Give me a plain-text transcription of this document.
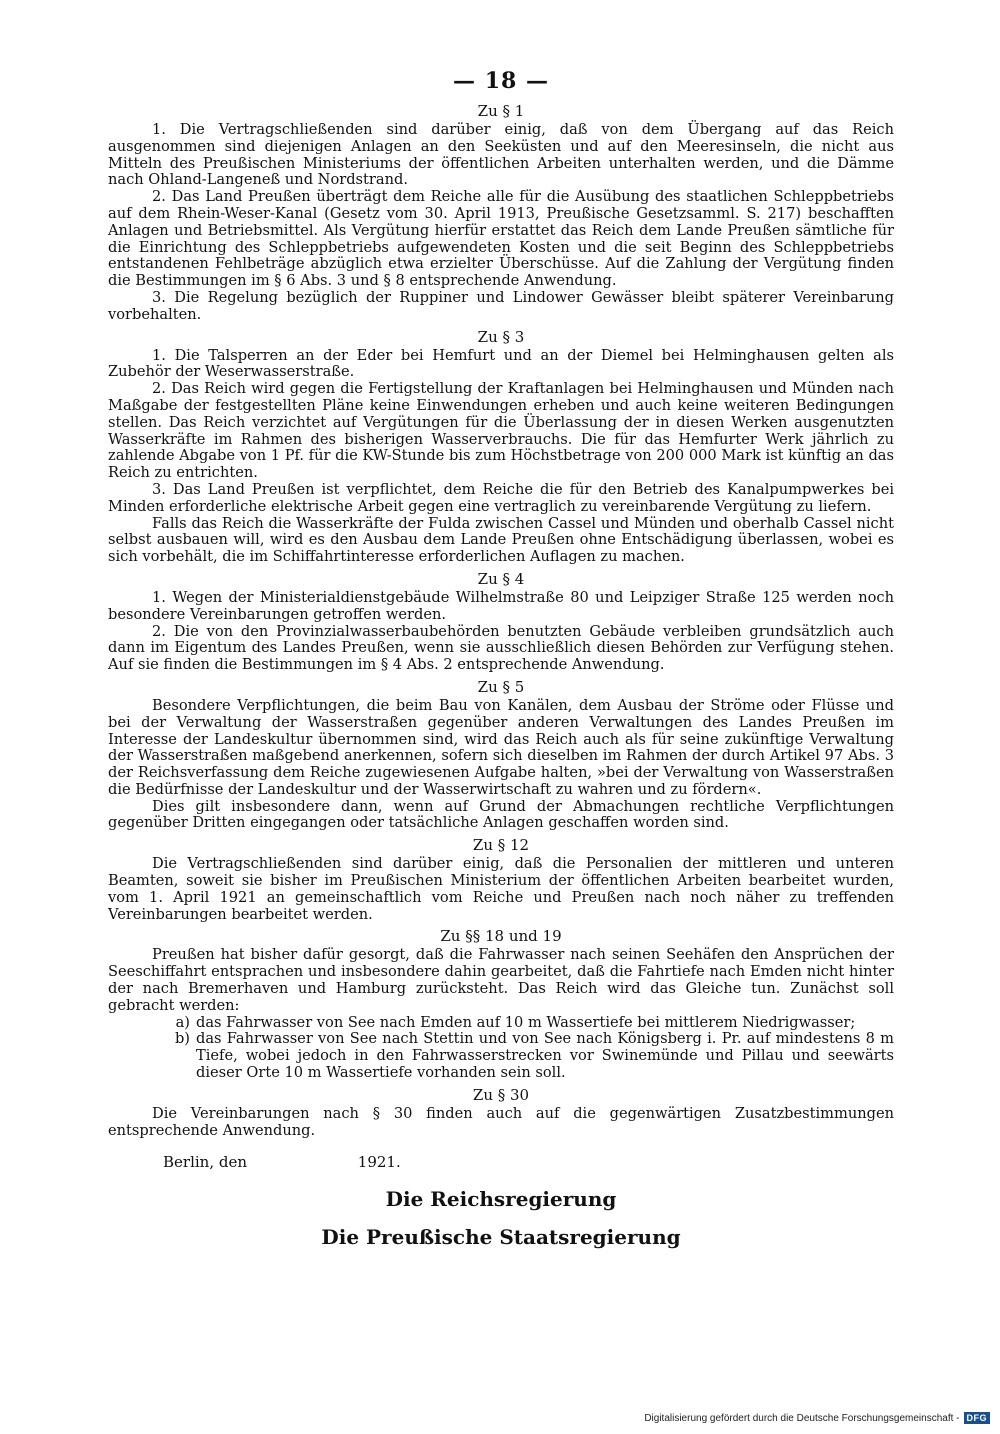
— 18 —
Zu § 1

1. Die Vertragschließenden sind darüber einig, daß von dem Übergang auf das Reich ausgenommen sind diejenigen Anlagen an den Seeküsten und auf den Meeresinseln, die nicht aus Mitteln des Preußischen Ministeriums der öffentlichen Arbeiten unterhalten werden, und die Dämme nach Ohland-Langeneß und Nordstrand.

2. Das Land Preußen überträgt dem Reiche alle für die Ausübung des staatlichen Schleppbetriebs auf dem Rhein-Weser-Kanal (Gesetz vom 30. April 1913, Preußische Gesetzsamml. S. 217) beschafften Anlagen und Betriebsmittel. Als Vergütung hierfür erstattet das Reich dem Lande Preußen sämtliche für die Einrichtung des Schleppbetriebs aufgewendeten Kosten und die seit Beginn des Schleppbetriebs entstandenen Fehlbeträge abzüglich etwa erzielter Überschüsse. Auf die Zahlung der Vergütung finden die Bestimmungen im § 6 Abs. 3 und § 8 entsprechende Anwendung.

3. Die Regelung bezüglich der Ruppiner und Lindower Gewässer bleibt späterer Vereinbarung vorbehalten.

Zu § 3

1. Die Talsperren an der Eder bei Hemfurt und an der Diemel bei Helminghausen gelten als Zubehör der Weserwasserstraße.

2. Das Reich wird gegen die Fertigstellung der Kraftanlagen bei Helminghausen und Münden nach Maßgabe der festgestellten Pläne keine Einwendungen erheben und auch keine weiteren Bedingungen stellen. Das Reich verzichtet auf Vergütungen für die Überlassung der in diesen Werken ausgenutzten Wasserkräfte im Rahmen des bisherigen Wasserverbrauchs. Die für das Hemfurter Werk jährlich zu zahlende Abgabe von 1 Pf. für die KW-Stunde bis zum Höchstbetrage von 200 000 Mark ist künftig an das Reich zu entrichten.

3. Das Land Preußen ist verpflichtet, dem Reiche die für den Betrieb des Kanalpumpwerkes bei Minden erforderliche elektrische Arbeit gegen eine vertraglich zu vereinbarende Vergütung zu liefern.

Falls das Reich die Wasserkräfte der Fulda zwischen Cassel und Münden und oberhalb Cassel nicht selbst ausbauen will, wird es den Ausbau dem Lande Preußen ohne Entschädigung überlassen, wobei es sich vorbehält, die im Schiffahrtinteresse erforderlichen Auflagen zu machen.

Zu § 4

1. Wegen der Ministerialdienstgebäude Wilhelmstraße 80 und Leipziger Straße 125 werden noch besondere Vereinbarungen getroffen werden.

2. Die von den Provinzialwasserbaubehörden benutzten Gebäude verbleiben grundsätzlich auch dann im Eigentum des Landes Preußen, wenn sie ausschließlich diesen Behörden zur Verfügung stehen. Auf sie finden die Bestimmungen im § 4 Abs. 2 entsprechende Anwendung.

Zu § 5

Besondere Verpflichtungen, die beim Bau von Kanälen, dem Ausbau der Ströme oder Flüsse und bei der Verwaltung der Wasserstraßen gegenüber anderen Verwaltungen des Landes Preußen im Interesse der Landeskultur übernommen sind, wird das Reich auch als für seine zukünftige Verwaltung der Wasserstraßen maßgebend anerkennen, sofern sich dieselben im Rahmen der durch Artikel 97 Abs. 3 der Reichsverfassung dem Reiche zugewiesenen Aufgabe halten, »bei der Verwaltung von Wasserstraßen die Bedürfnisse der Landeskultur und der Wasserwirtschaft zu wahren und zu fördern«.

Dies gilt insbesondere dann, wenn auf Grund der Abmachungen rechtliche Verpflichtungen gegenüber Dritten eingegangen oder tatsächliche Anlagen geschaffen worden sind.

Zu § 12

Die Vertragschließenden sind darüber einig, daß die Personalien der mittleren und unteren Beamten, soweit sie bisher im Preußischen Ministerium der öffentlichen Arbeiten bearbeitet wurden, vom 1. April 1921 an gemeinschaftlich vom Reiche und Preußen nach noch näher zu treffenden Vereinbarungen bearbeitet werden.

Zu §§ 18 und 19

Preußen hat bisher dafür gesorgt, daß die Fahrwasser nach seinen Seehäfen den Ansprüchen der Seeschiffahrt entsprachen und insbesondere dahin gearbeitet, daß die Fahrtiefe nach Emden nicht hinter der nach Bremerhaven und Hamburg zurücksteht. Das Reich wird das Gleiche tun. Zunächst soll gebracht werden:

a) das Fahrwasser von See nach Emden auf 10 m Wassertiefe bei mittlerem Niedrigwasser;
b) das Fahrwasser von See nach Stettin und von See nach Königsberg i. Pr. auf mindestens 8 m Tiefe, wobei jedoch in den Fahrwasserstrecken vor Swinemünde und Pillau und seewärts dieser Orte 10 m Wassertiefe vorhanden sein soll.
Zu § 30

Die Vereinbarungen nach § 30 finden auch auf die gegenwärtigen Zusatzbestimmungen entsprechende Anwendung.

Berlin, den	1921.
Die Reichsregierung
Die Preußische Staatsregierung
Digitalisierung gefördert durch die Deutsche Forschungsgemeinschaft - DFG
